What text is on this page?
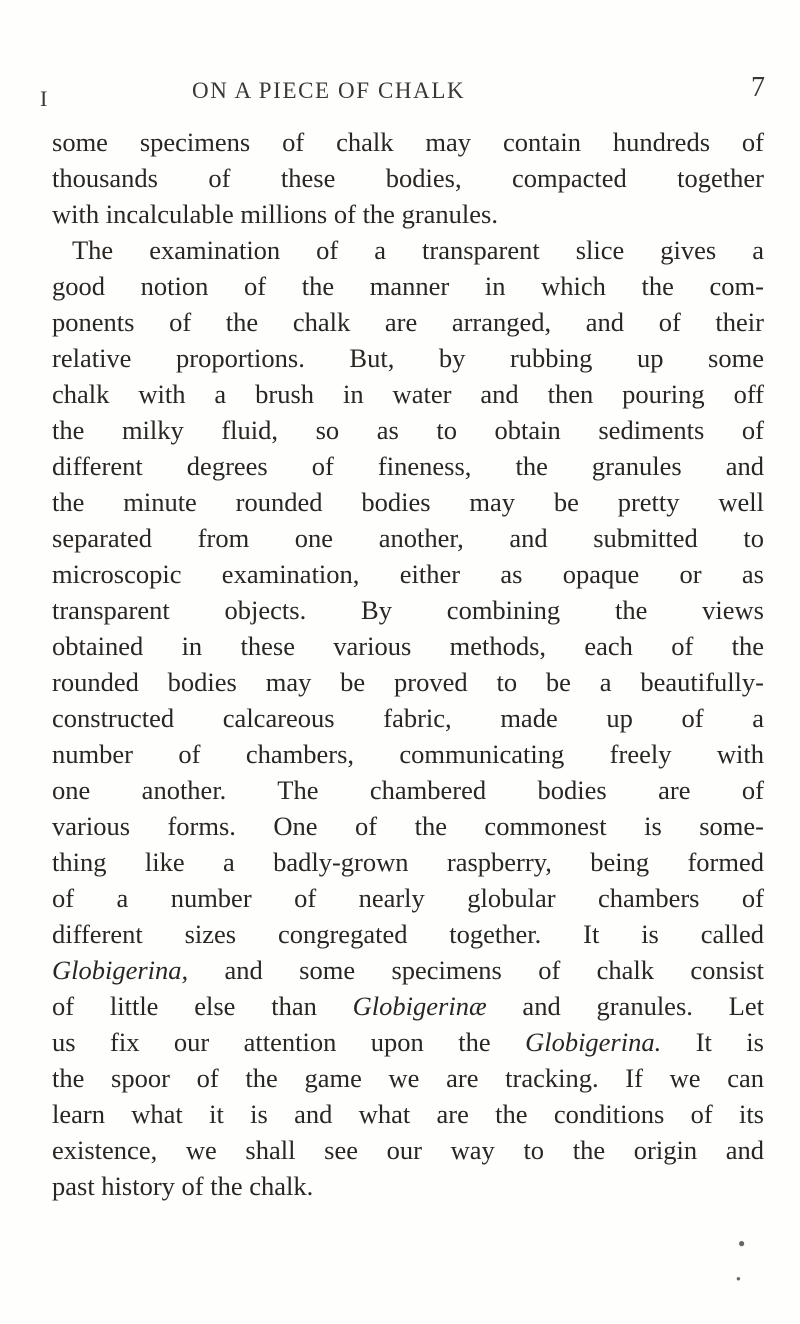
I	ON A PIECE OF CHALK	7
some specimens of chalk may contain hundreds of
thousands of these bodies, compacted together
with incalculable millions of the granules.
The examination of a transparent slice gives a
good notion of the manner in which the com-
ponents of the chalk are arranged, and of their
relative proportions. But, by rubbing up some
chalk with a brush in water and then pouring off
the milky fluid, so as to obtain sediments of
different degrees of fineness, the granules and
the minute rounded bodies may be pretty well
separated from one another, and submitted to
microscopic examination, either as opaque or as
transparent objects. By combining the views
obtained in these various methods, each of the
rounded bodies may be proved to be a beautifully-
constructed calcareous fabric, made up of a
number of chambers, communicating freely with
one another. The chambered bodies are of
various forms. One of the commonest is some-
thing like a badly-grown raspberry, being formed
of a number of nearly globular chambers of
different sizes congregated together. It is called
Globigerina, and some specimens of chalk consist
of little else than Globigerinæ and granules. Let
us fix our attention upon the Globigerina. It is
the spoor of the game we are tracking. If we can
learn what it is and what are the conditions of its
existence, we shall see our way to the origin and
past history of the chalk.
●
●
